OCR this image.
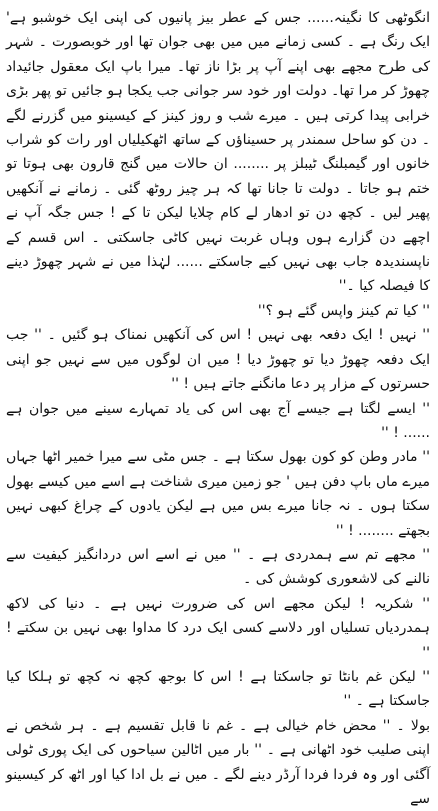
انگوٹھی کا نگینہ...... جس کے عطر بیز پانیوں کی اپنی ایک خوشبو ہے' ایک رنگ ہے ۔ کسی زمانے میں میں بھی جوان تھا اور خوبصورت ۔ شہر کی طرح مجھے بھی اپنے آپ پر بڑا ناز تھا۔ میرا باپ ایک معقول جائیداد چھوڑ کر مرا تھا۔ دولت اور خود سر جوانی جب یکجا ہو جائیں تو پھر بڑی خرابی پیدا کرتی ہیں ۔ میرے شب و روز کینز کے کیسینو میں گزرنے لگے ۔ دن کو ساحل سمندر پر حسیناؤں کے ساتھ اٹھکیلیاں اور رات کو شراب خانوں اور گیمبلنگ ٹیبلز پر ........ ان حالات میں گنج قارون بھی ہوتا تو ختم ہو جاتا ۔ دولت تا جانا تھا کہ ہر چیز روٹھ گئی ۔ زمانے نے آنکھیں پھیر لیں ۔ کچھ دن تو ادھار لے کام چلایا لیکن تا کے ! جس جگہ آپ نے اچھے دن گزارے ہوں وہاں غربت نہیں کاٹی جاسکتی ۔ اس قسم کے ناپسندیدہ جاب بھی نہیں کیے جاسکتے ...... لہٰذا میں نے شہر چھوڑ دینے کا فیصلہ کیا ۔''

'' کیا تم کینز واپس گئے ہو ؟''

'' نہیں ! ایک دفعہ بھی نہیں ! اس کی آنکھیں نمناک ہو گئیں ۔ '' جب ایک دفعہ چھوڑ دیا تو چھوڑ دیا ! میں ان لوگوں میں سے نہیں جو اپنی حسرتوں کے مزار پر دعا مانگنے جاتے ہیں ! ''

'' ایسے لگتا ہے جیسے آج بھی اس کی یاد تمہارے سینے میں جوان ہے ...... ! ''

'' مادر وطن کو کون بھول سکتا ہے ۔ جس مٹی سے میرا خمیر اٹھا جہاں میرے ماں باپ دفن ہیں ' جو زمین میری شناخت ہے اسے میں کیسے بھول سکتا ہوں ۔ نہ جانا میرے بس میں ہے لیکن یادوں کے چراغ کبھی نہیں بجھتے ........ ! ''

'' مجھے تم سے ہمدردی ہے ۔ '' میں نے اسے اس دردانگیز کیفیت سے نالنے کی لاشعوری کوشش کی ۔

'' شکریہ ! لیکن مجھے اس کی ضرورت نہیں ہے ۔ دنیا کی لاکھ ہمدردیاں تسلیاں اور دلاسے کسی ایک درد کا مداوا بھی نہیں بن سکتے ! ''

'' لیکن غم بانٹا تو جاسکتا ہے ! اس کا بوجھ کچھ نہ کچھ تو ہلکا کیا جاسکتا ہے ۔ ''

بولا ۔ '' محض خام خیالی ہے ۔ غم نا قابل تقسیم ہے ۔ ہر شخص نے اپنی صلیب خود اٹھانی ہے ۔ '' بار میں اٹالین سیاحوں کی ایک پوری ٹولی آگئی اور وہ فردا فردا آرڈر دینے لگے ۔ میں نے بل ادا کیا اور اٹھ کر کیسینو سے
